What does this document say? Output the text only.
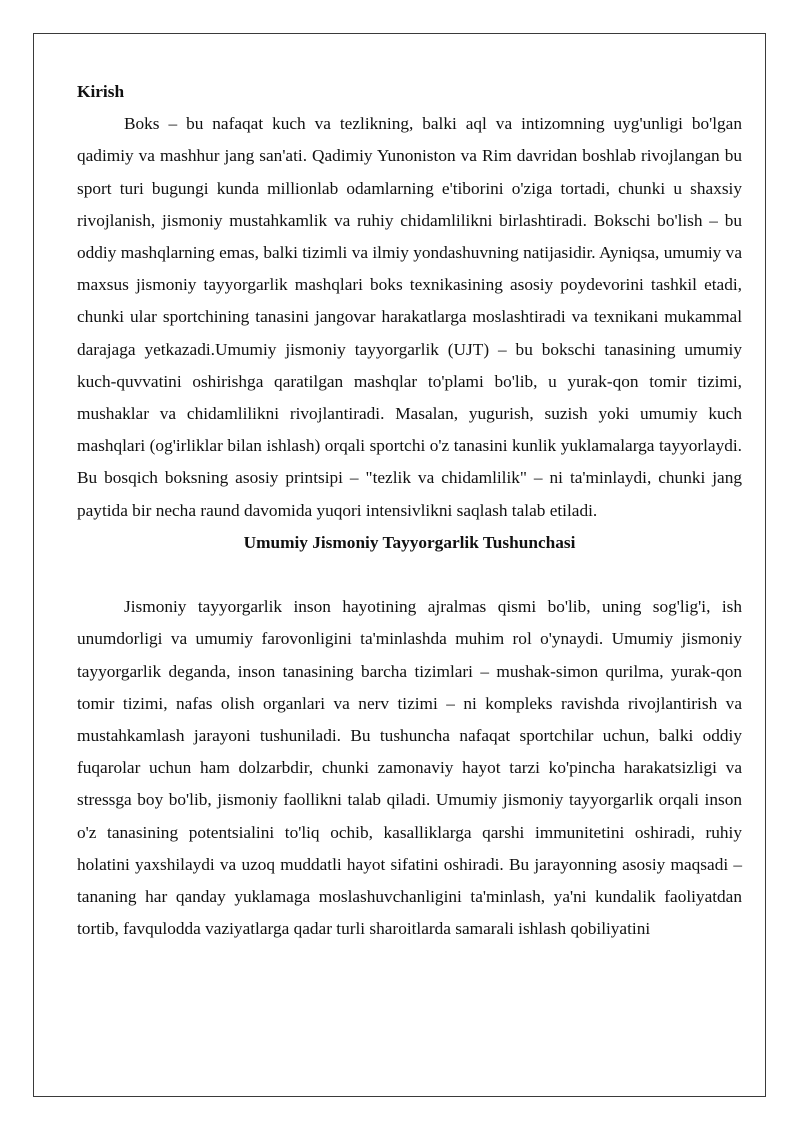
Kirish

Boks – bu nafaqat kuch va tezlikning, balki aql va intizomning uyg'unligi bo'lgan qadimiy va mashhur jang san'ati. Qadimiy Yunoniston va Rim davridan boshlab rivojlangan bu sport turi bugungi kunda millionlab odamlarning e'tiborini o'ziga tortadi, chunki u shaxsiy rivojlanish, jismoniy mustahkamlik va ruhiy chidamlilikni birlashtiradi. Bokschi bo'lish – bu oddiy mashqlarning emas, balki tizimli va ilmiy yondashuvning natijasidir. Ayniqsa, umumiy va maxsus jismoniy tayyorgarlik mashqlari boks texnikasining asosiy poydevorini tashkil etadi, chunki ular sportchining tanasini jangovar harakatlarga moslashtiradi va texnikani mukammal darajaga yetkazadi.Umumiy jismoniy tayyorgarlik (UJT) – bu bokschi tanasining umumiy kuch-quvvatini oshirishga qaratilgan mashqlar to'plami bo'lib, u yurak-qon tomir tizimi, mushaklar va chidamlilikni rivojlantiradi. Masalan, yugurish, suzish yoki umumiy kuch mashqlari (og'irliklar bilan ishlash) orqali sportchi o'z tanasini kunlik yuklamalarga tayyorlaydi. Bu bosqich boksning asosiy printsipi – "tezlik va chidamlilik" – ni ta'minlaydi, chunki jang paytida bir necha raund davomida yuqori intensivlikni saqlash talab etiladi.

Umumiy Jismoniy Tayyorgarlik Tushunchasi

Jismoniy tayyorgarlik inson hayotining ajralmas qismi bo'lib, uning sog'lig'i, ish unumdorligi va umumiy farovonligini ta'minlashda muhim rol o'ynaydi. Umumiy jismoniy tayyorgarlik deganda, inson tanasining barcha tizimlari – mushak-simon qurilma, yurak-qon tomir tizimi, nafas olish organlari va nerv tizimi – ni kompleks ravishda rivojlantirish va mustahkamlash jarayoni tushuniladi. Bu tushuncha nafaqat sportchilar uchun, balki oddiy fuqarolar uchun ham dolzarbdir, chunki zamonaviy hayot tarzi ko'pincha harakatsizligi va stressga boy bo'lib, jismoniy faollikni talab qiladi. Umumiy jismoniy tayyorgarlik orqali inson o'z tanasining potentsialini to'liq ochib, kasalliklarga qarshi immunitetini oshiradi, ruhiy holatini yaxshilaydi va uzoq muddatli hayot sifatini oshiradi. Bu jarayonning asosiy maqsadi – tananing har qanday yuklamaga moslashuvchanligini ta'minlash, ya'ni kundalik faoliyatdan tortib, favqulodda vaziyatlarga qadar turli sharoitlarda samarali ishlash qobiliyatini
